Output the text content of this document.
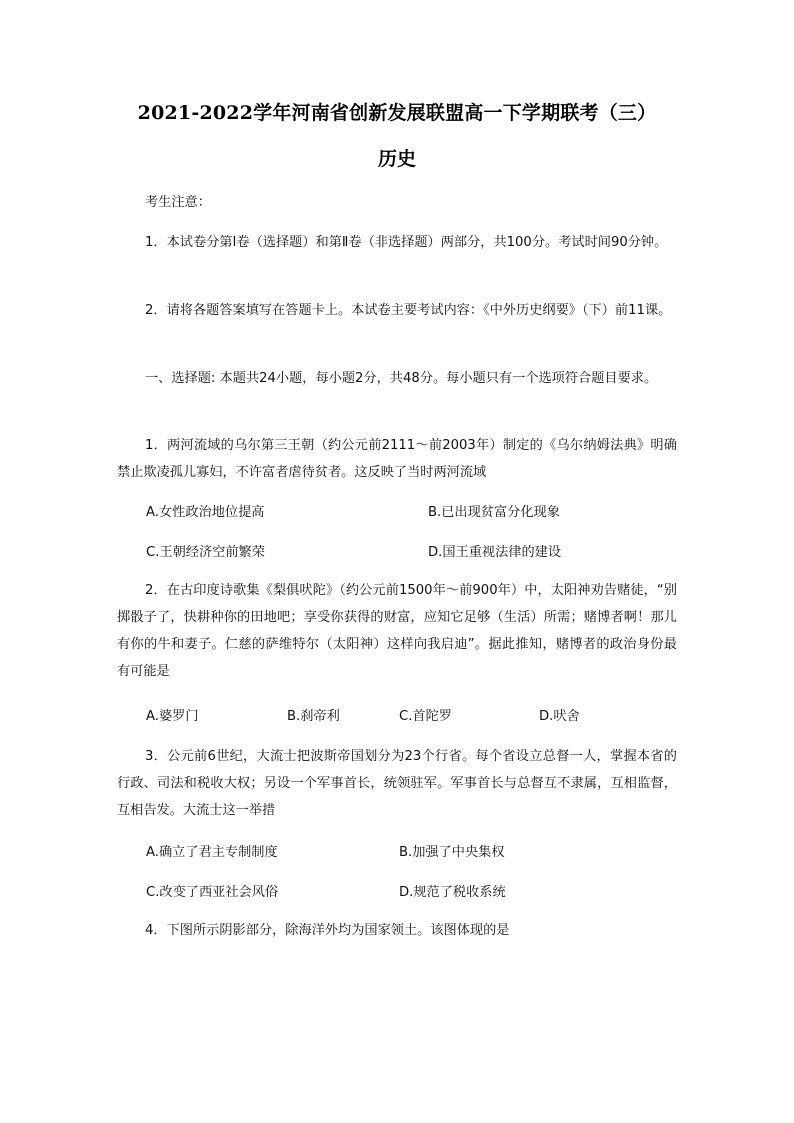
2021-2022学年河南省创新发展联盟高一下学期联考（三）
历史

考生注意：

1．本试卷分第Ⅰ卷（选择题）和第Ⅱ卷（非选择题）两部分，共100分。考试时间90分钟。

2．请将各题答案填写在答题卡上。本试卷主要考试内容：《中外历史纲要》（下）前11课。

一、选择题: 本题共24小题，每小题2分，共48分。每小题只有一个选项符合题目要求。

1．两河流域的乌尔第三王朝（约公元前2111～前2003年）制定的《乌尔纳姆法典》明确禁止欺凌孤儿寡妇，不许富者虐待贫者。这反映了当时两河流域

A.女性政治地位提高	B.已出现贫富分化现象
C.王朝经济空前繁荣	D.国王重视法律的建设

2．在古印度诗歌集《梨俱吠陀》（约公元前1500年～前900年）中，太阳神劝告赌徒，“别掷骰子了，快耕种你的田地吧；享受你获得的财富，应知它足够（生活）所需；赌博者啊！那儿有你的牛和妻子。仁慈的萨维特尔（太阳神）这样向我启迪”。据此推知，赌博者的政治身份最有可能是

A.婆罗门	B.刹帝利	C.首陀罗	D.吠舍

3．公元前6世纪，大流士把波斯帝国划分为23个行省。每个省设立总督一人，掌握本省的行政、司法和税收大权；另设一个军事首长，统领驻军。军事首长与总督互不隶属，互相监督，互相告发。大流士这一举措

A.确立了君主专制制度	B.加强了中央集权
C.改变了西亚社会风俗	D.规范了税收系统

4．下图所示阴影部分，除海洋外均为国家领土。该图体现的是
